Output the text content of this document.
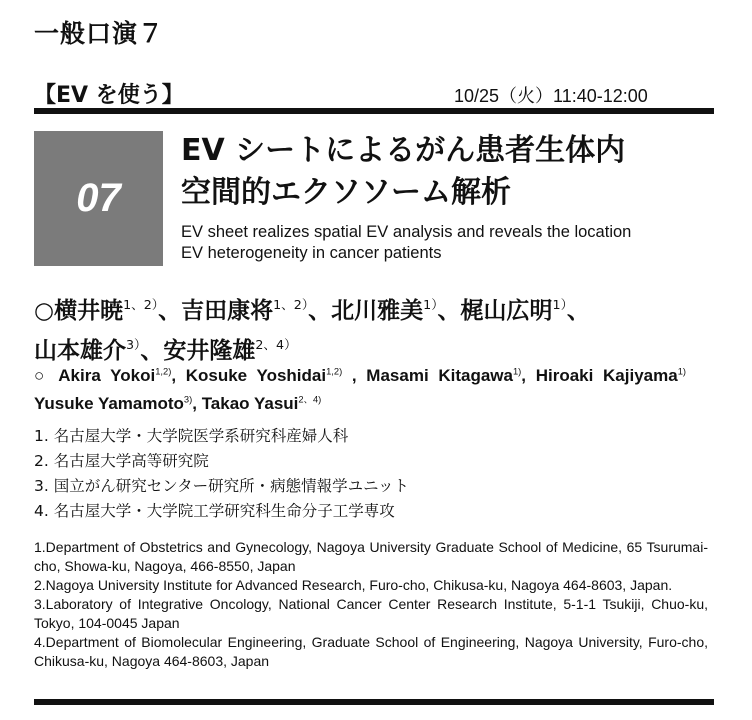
一般口演７
【EV を使う】	10/25（火）11:40-12:00
07
EV シートによるがん患者生体内
空間的エクソソーム解析
EV sheet realizes spatial EV analysis and reveals the location
EV heterogeneity in cancer patients
○横井暁$^{1、2)}$、吉田康将$^{1、2)}$、北川雅美$^{1)}$、梶山広明$^{1)}$、
山本雄介$^{3)}$、安井隆雄$^{2、4)}$
○ Akira Yokoi$^{1,2)}$, Kosuke Yoshidai$^{1,2)}$ , Masami Kitagawa$^{1)}$, Hiroaki Kajiyama$^{1)}$ Yusuke Yamamoto$^{3)}$, Takao Yasui$^{2、4)}$
1. 名古屋大学・大学院医学系研究科産婦人科
2. 名古屋大学高等研究院
3. 国立がん研究センター研究所・病態情報学ユニット
4. 名古屋大学・大学院工学研究科生命分子工学専攻
1.Department of Obstetrics and Gynecology, Nagoya University Graduate School of Medicine, 65 Tsurumai-cho, Showa-ku, Nagoya, 466-8550, Japan
2.Nagoya University Institute for Advanced Research, Furo-cho, Chikusa-ku, Nagoya 464-8603, Japan.
3.Laboratory of Integrative Oncology, National Cancer Center Research Institute, 5-1-1 Tsukiji, Chuo-ku, Tokyo, 104-0045 Japan
4.Department of Biomolecular Engineering, Graduate School of Engineering, Nagoya University, Furo-cho, Chikusa-ku, Nagoya 464-8603, Japan
